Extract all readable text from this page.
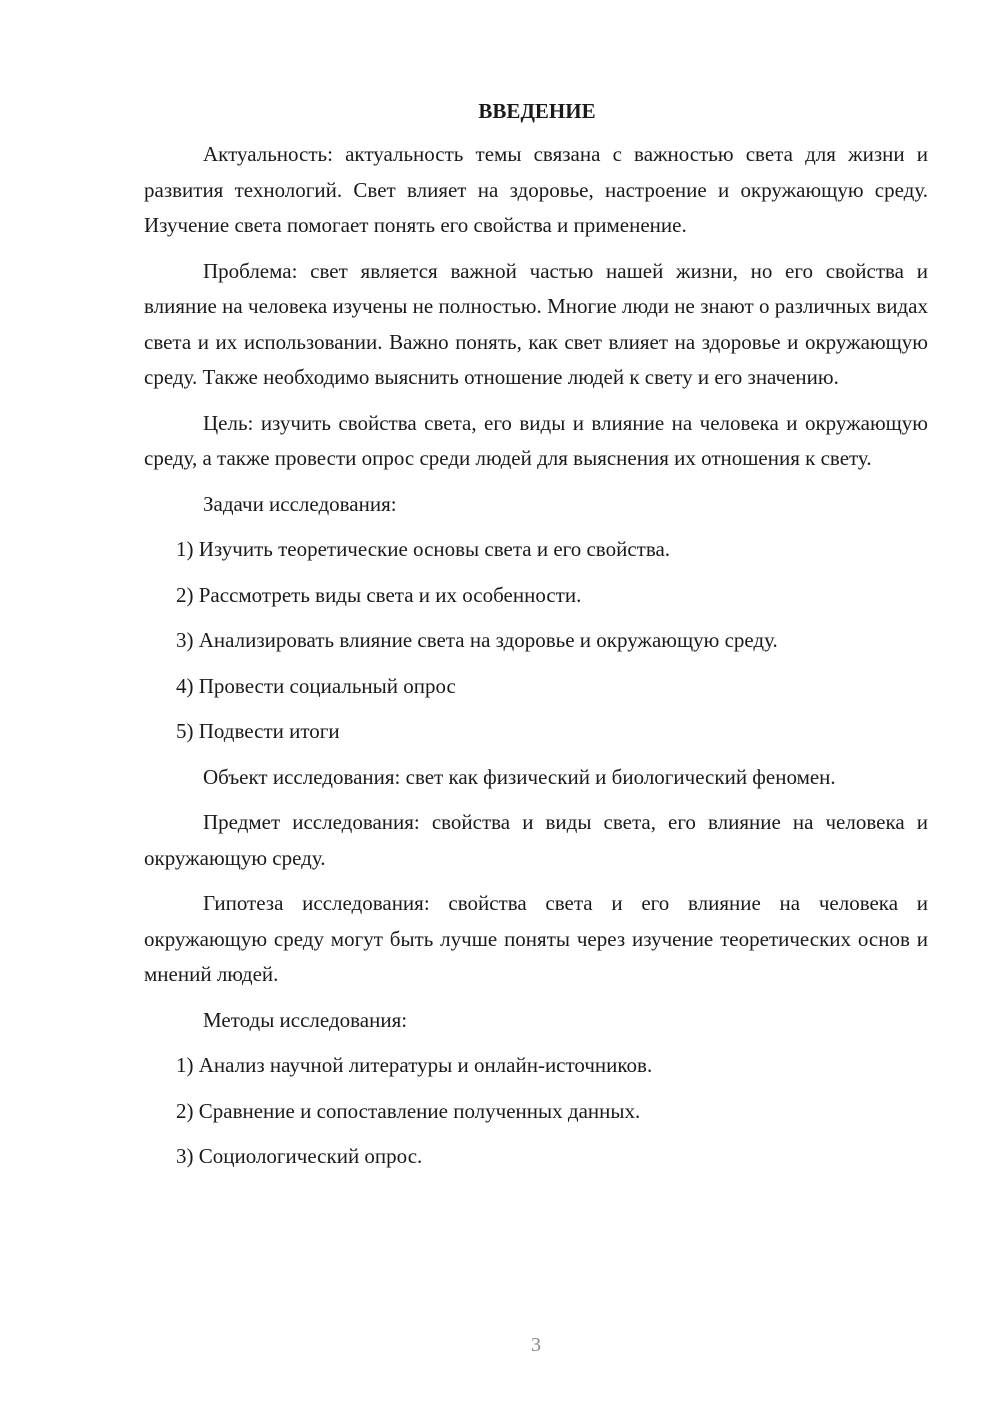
ВВЕДЕНИЕ

Актуальность: актуальность темы связана с важностью света для жизни и развития технологий. Свет влияет на здоровье, настроение и окружающую среду. Изучение света помогает понять его свойства и применение.

Проблема: свет является важной частью нашей жизни, но его свойства и влияние на человека изучены не полностью. Многие люди не знают о различных видах света и их использовании. Важно понять, как свет влияет на здоровье и окружающую среду. Также необходимо выяснить отношение людей к свету и его значению.

Цель: изучить свойства света, его виды и влияние на человека и окружающую среду, а также провести опрос среди людей для выяснения их отношения к свету.

Задачи исследования:
1) Изучить теоретические основы света и его свойства.
2) Рассмотреть виды света и их особенности.
3) Анализировать влияние света на здоровье и окружающую среду.
4) Провести социальный опрос
5) Подвести итоги

Объект исследования: свет как физический и биологический феномен.

Предмет исследования: свойства и виды света, его влияние на человека и окружающую среду.

Гипотеза исследования: свойства света и его влияние на человека и окружающую среду могут быть лучше поняты через изучение теоретических основ и мнений людей.

Методы исследования:
1) Анализ научной литературы и онлайн-источников.
2) Сравнение и сопоставление полученных данных.
3) Социологический опрос.
3
